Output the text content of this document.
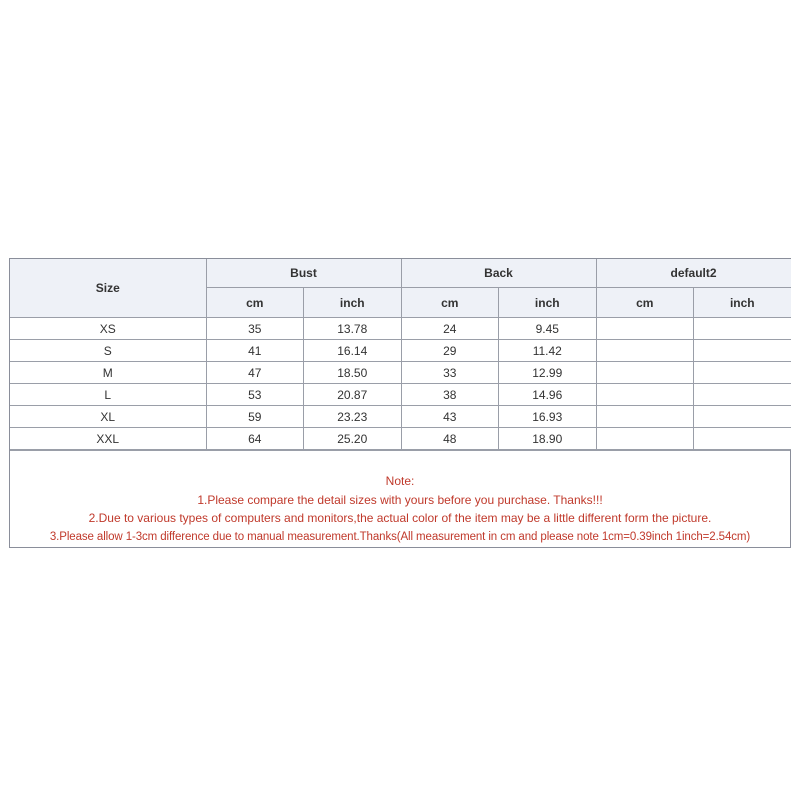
Size	Bust		Back		default2	
	cm	inch	cm	inch	cm	inch
XS	35	13.78	24	9.45		
S	41	16.14	29	11.42		
M	47	18.50	33	12.99		
L	53	20.87	38	14.96		
XL	59	23.23	43	16.93		
XXL	64	25.20	48	18.90		
Note:
1.Please compare the detail sizes with yours before you purchase. Thanks!!!
2.Due to various types of computers and monitors,the actual color of the item may be a little different form the picture.
3.Please allow 1-3cm difference due to manual measurement.Thanks(All measurement in cm and please note 1cm=0.39inch 1inch=2.54cm)
